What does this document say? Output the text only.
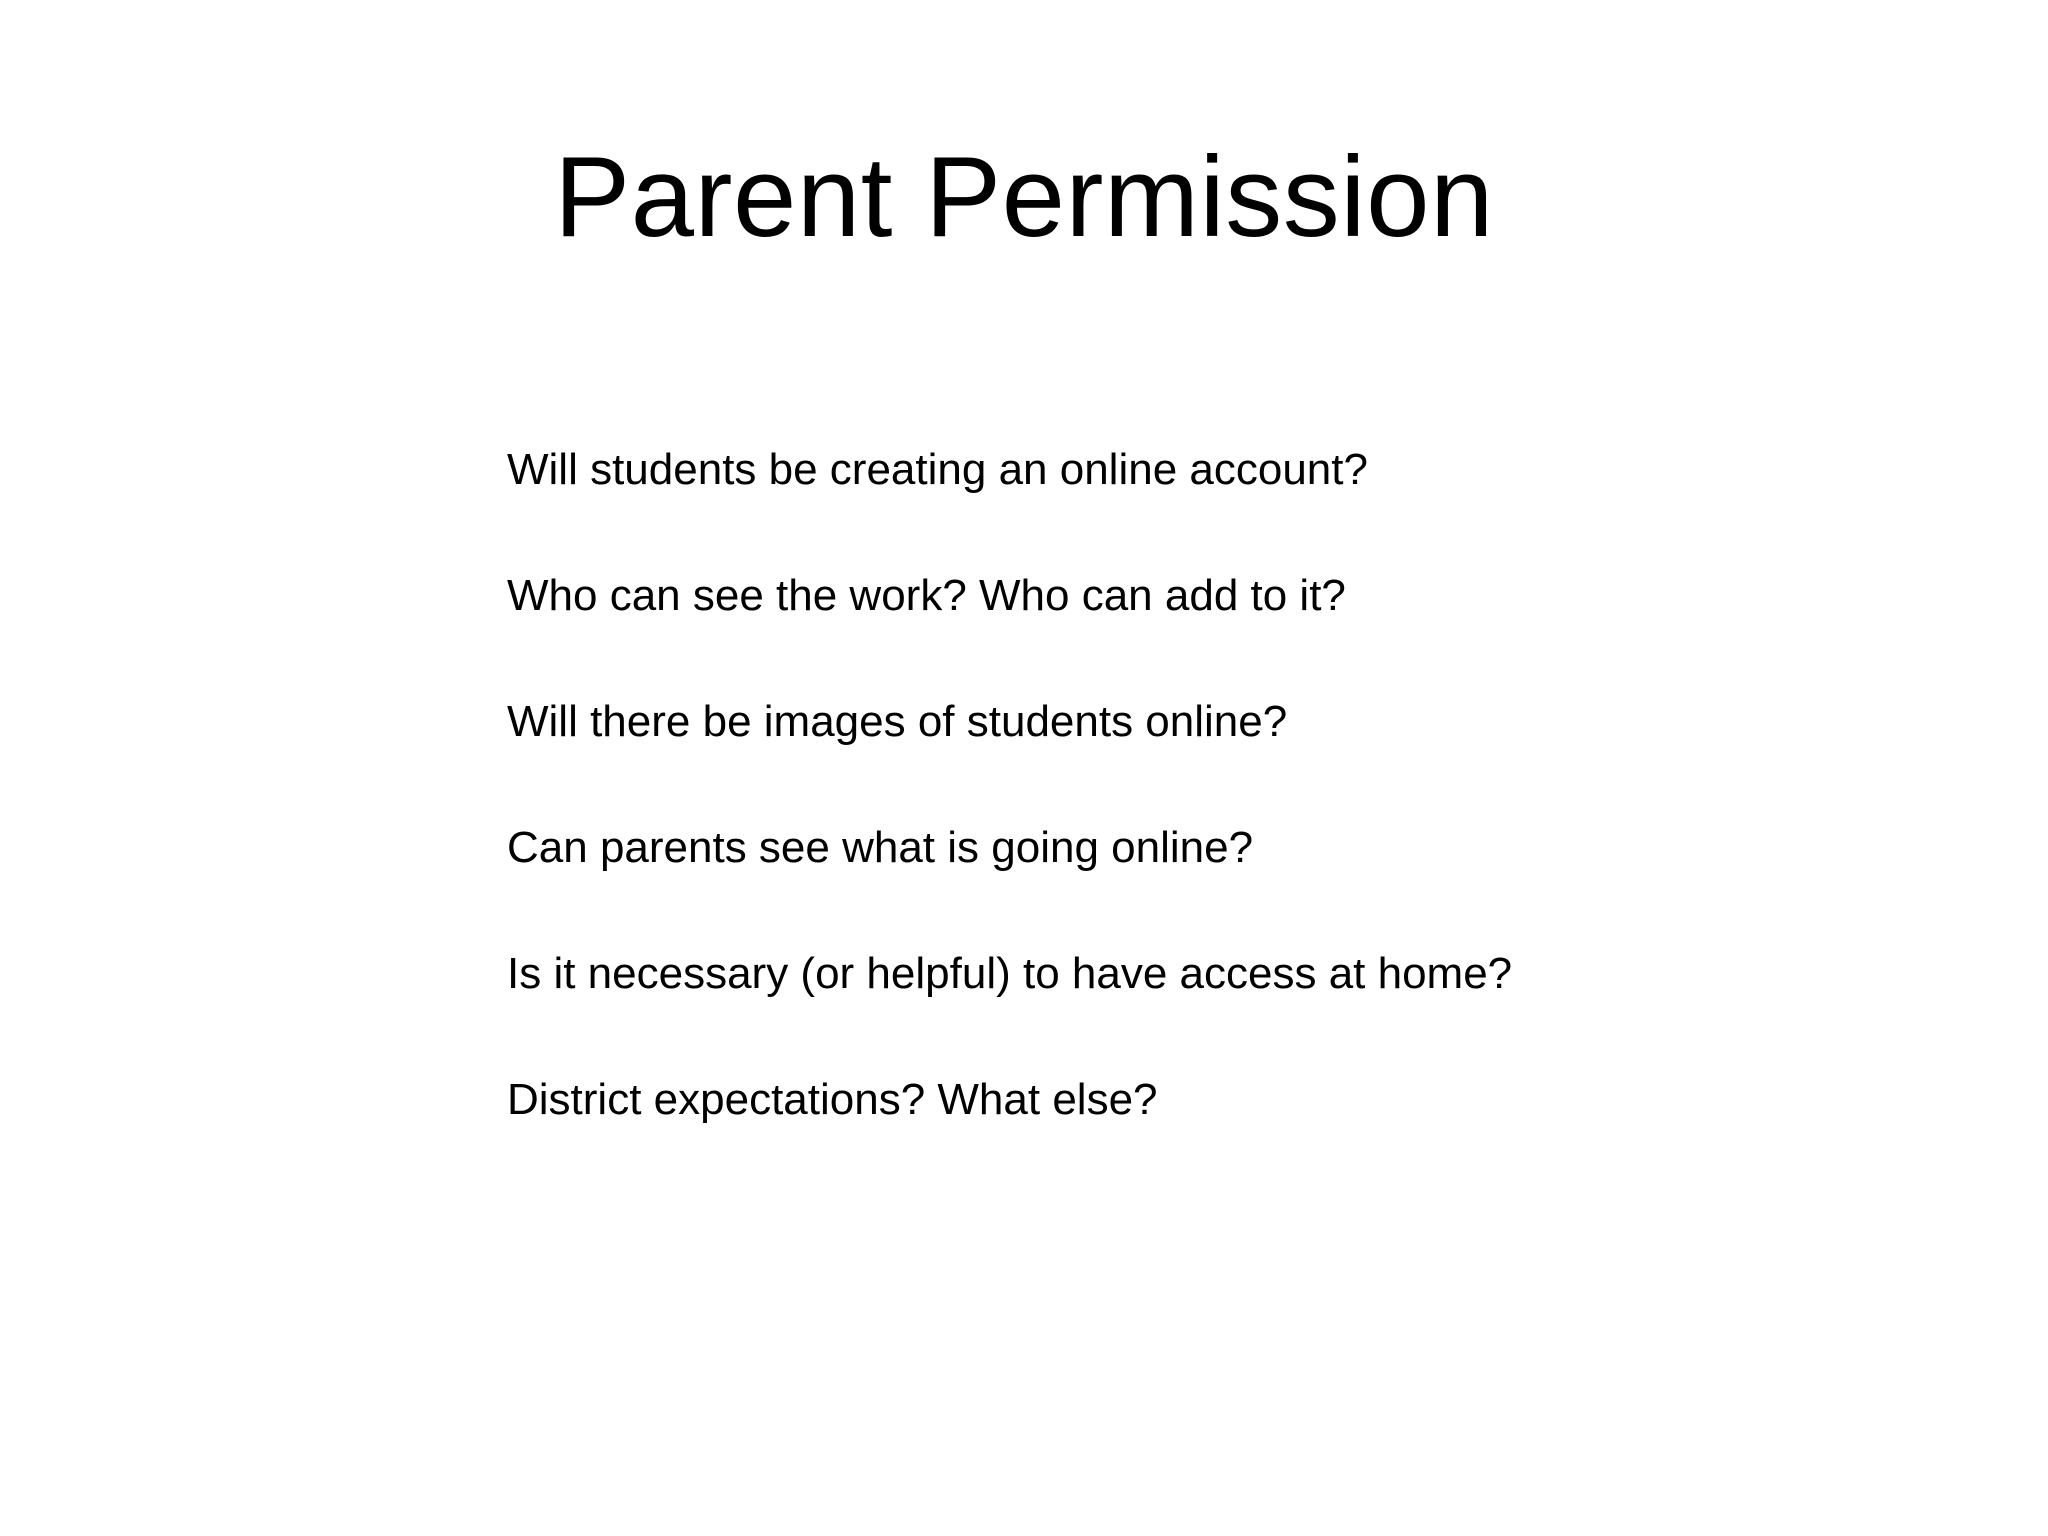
Parent Permission
Will students be creating an online account?
Who can see the work? Who can add to it?
Will there be images of students online?
Can parents see what is going online?
Is it necessary (or helpful) to have access at home?
District expectations? What else?
